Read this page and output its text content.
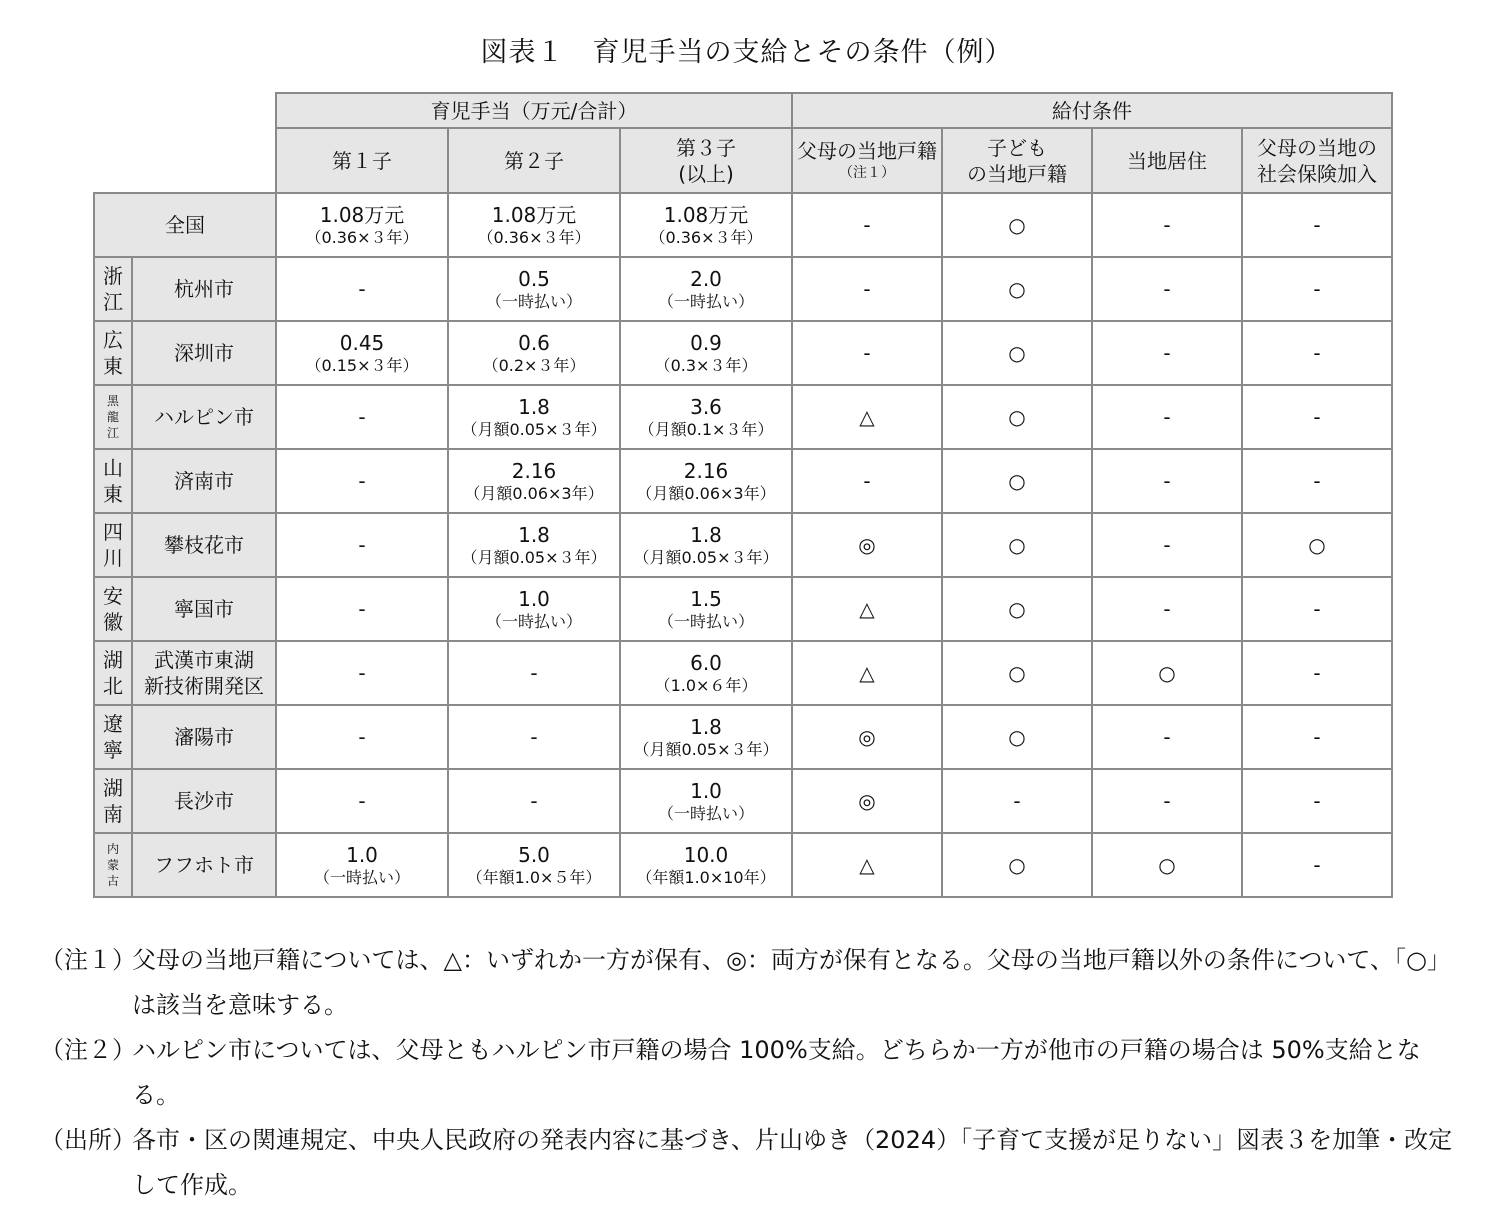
図表１　育児手当の支給とその条件（例）
		育児手当（万元/合計）			給付条件			
		第１子	第２子	第３子
(以上)	父母の当地戸籍
（注１）	子ども
の当地戸籍	当地居住	父母の当地の
社会保険加入

全国		1.08万元
（0.36×３年）	1.08万元
（0.36×３年）	1.08万元
（0.36×３年）	-	○	-	-

浙
江	杭州市	-	0.5
（一時払い）	2.0
（一時払い）	-	○	-	-

広
東	深圳市	0.45
（0.15×３年）	0.6
（0.2×３年）	0.9
（0.3×３年）	-	○	-	-

黑
龍
江	ハルピン市	-	1.8
（月額0.05×３年）	3.6
（月額0.1×３年）	△	○	-	-

山
東	済南市	-	2.16
（月額0.06×3年）	2.16
（月額0.06×3年）	-	○	-	-

四
川	攀枝花市	-	1.8
（月額0.05×３年）	1.8
（月額0.05×３年）	◎	○	-	○

安
徽	寧国市	-	1.0
（一時払い）	1.5
（一時払い）	△	○	-	-

湖
北	武漢市東湖
新技術開発区	-	-	6.0
（1.0×６年）	△	○	○	-

遼
寧	瀋陽市	-	-	1.8
（月額0.05×３年）	◎	○	-	-

湖
南	長沙市	-	-	1.0
（一時払い）	◎	-	-	-

内
蒙
古	フフホト市	1.0
（一時払い）	5.0
（年額1.0×５年）	10.0
（年額1.0×10年）	△	○	○	-
（注１）
父母の当地戸籍については、△：いずれか一方が保有、◎：両方が保有となる。父母の当地戸籍以外の条件について、「○」は該当を意味する。
（注２）
ハルピン市については、父母ともハルピン市戸籍の場合 100%支給。どちらか一方が他市の戸籍の場合は 50%支給となる。
（出所）
各市・区の関連規定、中央人民政府の発表内容に基づき、片山ゆき（2024）「子育て支援が足りない」図表３を加筆・改定して作成。
